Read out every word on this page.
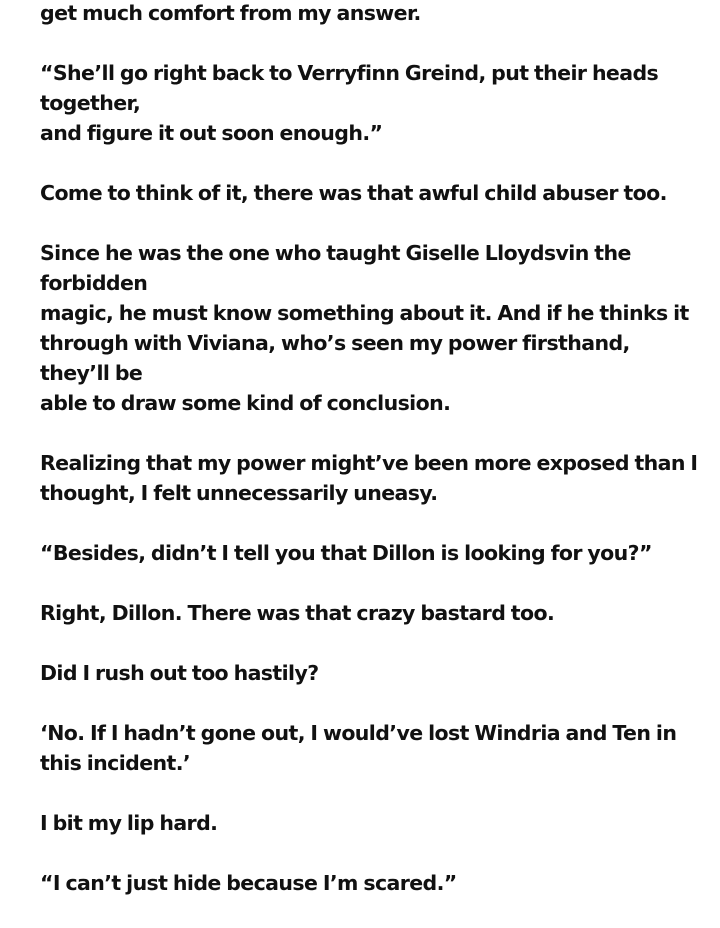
get much comfort from my answer.

“She’ll go right back to Verryfinn Greind, put their heads together,
and figure it out soon enough.”

Come to think of it, there was that awful child abuser too.

Since he was the one who taught Giselle Lloydsvin the forbidden
magic, he must know something about it. And if he thinks it
through with Viviana, who’s seen my power firsthand, they’ll be
able to draw some kind of conclusion.

Realizing that my power might’ve been more exposed than I
thought, I felt unnecessarily uneasy.

“Besides, didn’t I tell you that Dillon is looking for you?”

Right, Dillon. There was that crazy bastard too.

Did I rush out too hastily?

‘No. If I hadn’t gone out, I would’ve lost Windria and Ten in
this incident.’

I bit my lip hard.

“I can’t just hide because I’m scared.”
